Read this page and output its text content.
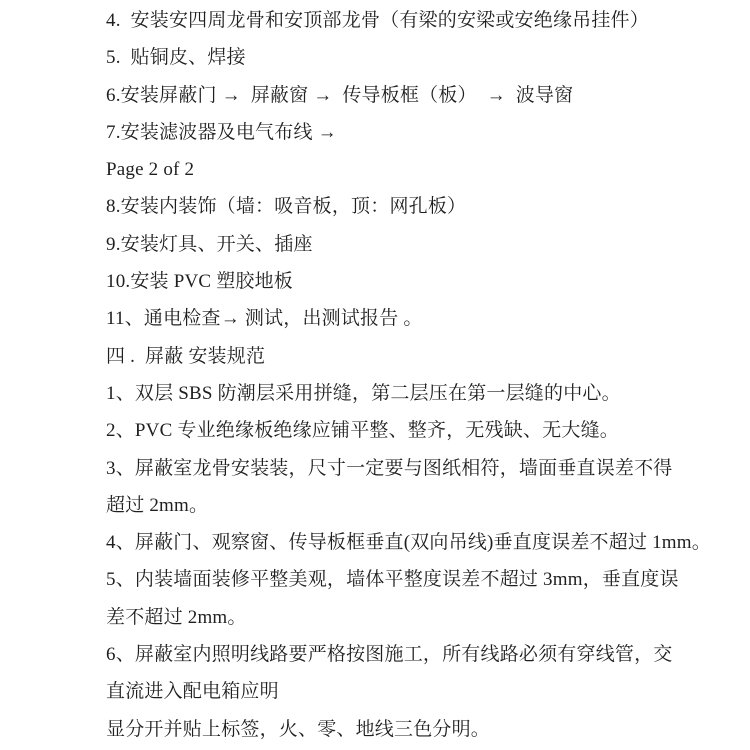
4.  安装安四周龙骨和安顶部龙骨（有梁的安梁或安绝缘吊挂件）
5.  贴铜皮、焊接
6.安装屏蔽门 →  屏蔽窗 →  传导板框（板）  →  波导窗
7.安装滤波器及电气布线 →
Page 2 of 2
8.安装内装饰（墙：吸音板，顶：网孔板）
9.安装灯具、开关、插座
10.安装 PVC 塑胶地板
11、通电检查→ 测试，出测试报告 。
四 .  屏蔽 安装规范
1、双层 SBS 防潮层采用拼缝，第二层压在第一层缝的中心。
2、PVC 专业绝缘板绝缘应铺平整、整齐，无残缺、无大缝。
3、屏蔽室龙骨安装装，尺寸一定要与图纸相符，墙面垂直误差不得
超过 2mm。
4、屏蔽门、观察窗、传导板框垂直(双向吊线)垂直度误差不超过 1mm。
5、内装墙面装修平整美观，墙体平整度误差不超过 3mm，垂直度误
差不超过 2mm。
6、屏蔽室内照明线路要严格按图施工，所有线路必须有穿线管，交
直流进入配电箱应明
显分开并贴上标签，火、零、地线三色分明。
